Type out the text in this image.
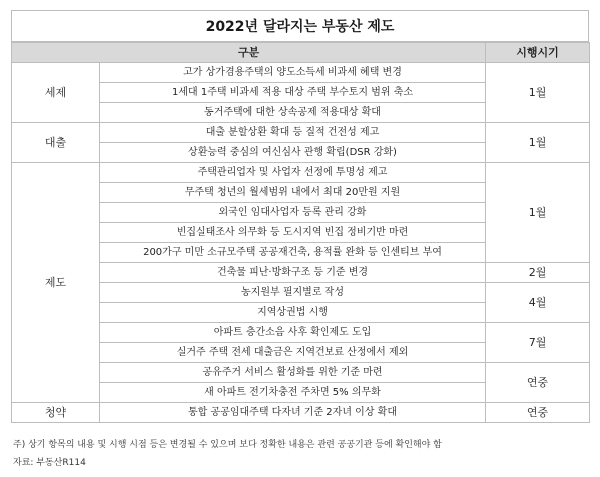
2022년 달라지는 부동산 제도
구분		시행시기
세제	고가 상가겸용주택의 양도소득세 비과세 혜택 변경	1월
	1세대 1주택 비과세 적용 대상 주택 부수토지 범위 축소	
	동거주택에 대한 상속공제 적용대상 확대	
대출	대출 분할상환 확대 등 질적 건전성 제고	1월
	상환능력 중심의 여신심사 관행 확립(DSR 강화)	
제도	주택관리업자 및 사업자 선정에 투명성 제고	1월
	무주택 청년의 월세범위 내에서 최대 20만원 지원	
	외국인 임대사업자 등록 관리 강화	
	빈집실태조사 의무화 등 도시지역 빈집 정비기반 마련	
	200가구 미만 소규모주택 공공재건축, 용적률 완화 등 인센티브 부여	
	건축물 피난·방화구조 등 기준 변경	2월
	농지원부 필지별로 작성	4월
	지역상권법 시행	
	아파트 층간소음 사후 확인제도 도입	7월
	실거주 주택 전세 대출금은 지역건보료 산정에서 제외	
	공유주거 서비스 활성화를 위한 기준 마련	연중
	새 아파트 전기차충전 주차면 5% 의무화	
청약	통합 공공임대주택 다자녀 기준 2자녀 이상 확대	연중
주) 상기 항목의 내용 및 시행 시점 등은 변경될 수 있으며 보다 정확한 내용은 관련 공공기관 등에 확인해야 함
자료: 부동산R114
